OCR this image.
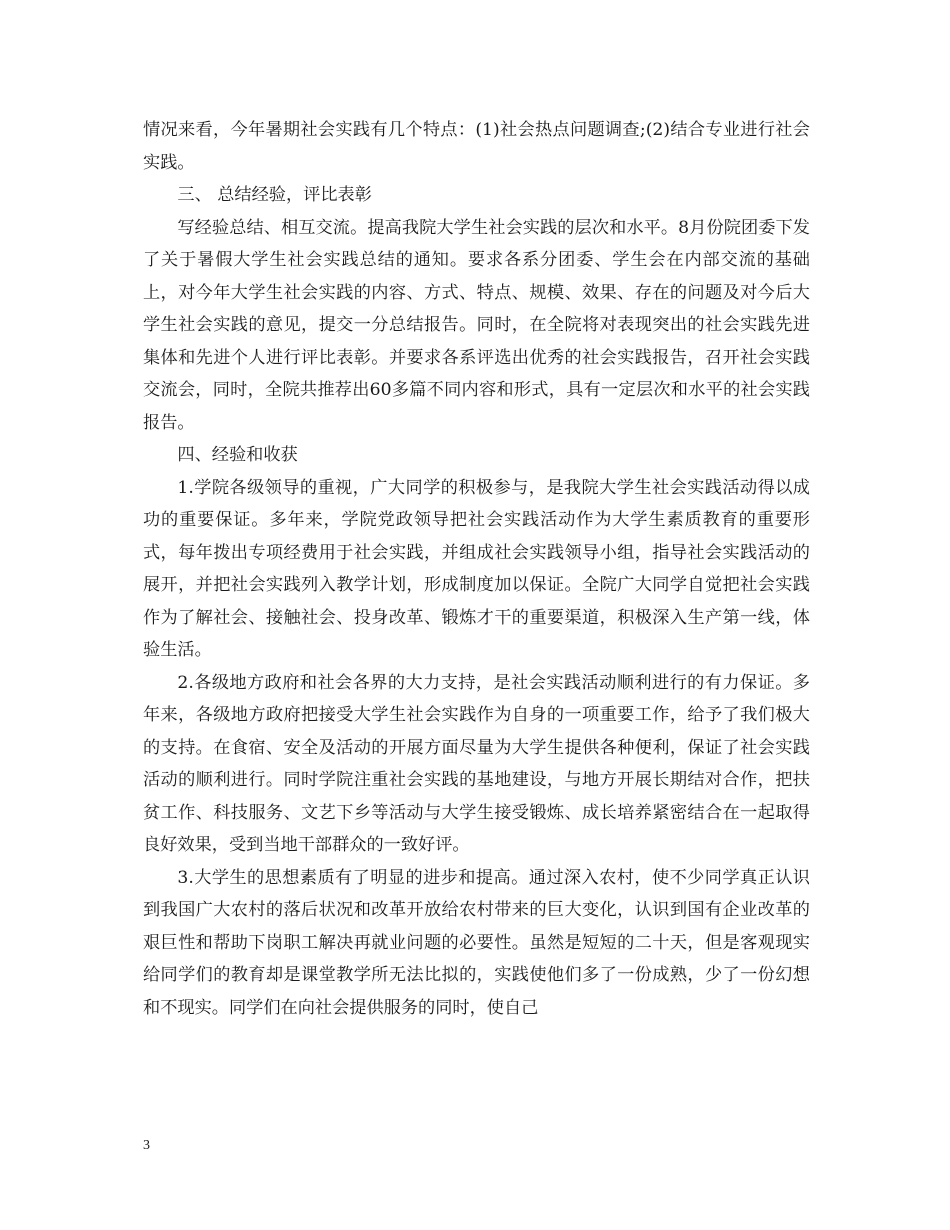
情况来看，今年暑期社会实践有几个特点：(1)社会热点问题调查;(2)结合专业进行社会实践。

三、 总结经验，评比表彰

写经验总结、相互交流。提高我院大学生社会实践的层次和水平。8月份院团委下发了关于暑假大学生社会实践总结的通知。要求各系分团委、学生会在内部交流的基础上，对今年大学生社会实践的内容、方式、特点、规模、效果、存在的问题及对今后大学生社会实践的意见，提交一分总结报告。同时，在全院将对表现突出的社会实践先进集体和先进个人进行评比表彰。并要求各系评选出优秀的社会实践报告，召开社会实践交流会，同时，全院共推荐出60多篇不同内容和形式，具有一定层次和水平的社会实践报告。

四、经验和收获

1.学院各级领导的重视，广大同学的积极参与，是我院大学生社会实践活动得以成功的重要保证。多年来，学院党政领导把社会实践活动作为大学生素质教育的重要形式，每年拨出专项经费用于社会实践，并组成社会实践领导小组，指导社会实践活动的展开，并把社会实践列入教学计划，形成制度加以保证。全院广大同学自觉把社会实践作为了解社会、接触社会、投身改革、锻炼才干的重要渠道，积极深入生产第一线，体验生活。

2.各级地方政府和社会各界的大力支持，是社会实践活动顺利进行的有力保证。多年来，各级地方政府把接受大学生社会实践作为自身的一项重要工作，给予了我们极大的支持。在食宿、安全及活动的开展方面尽量为大学生提供各种便利，保证了社会实践活动的顺利进行。同时学院注重社会实践的基地建设，与地方开展长期结对合作，把扶贫工作、科技服务、文艺下乡等活动与大学生接受锻炼、成长培养紧密结合在一起取得良好效果，受到当地干部群众的一致好评。

3.大学生的思想素质有了明显的进步和提高。通过深入农村，使不少同学真正认识到我国广大农村的落后状况和改革开放给农村带来的巨大变化，认识到国有企业改革的艰巨性和帮助下岗职工解决再就业问题的必要性。虽然是短短的二十天，但是客观现实给同学们的教育却是课堂教学所无法比拟的，实践使他们多了一份成熟，少了一份幻想和不现实。同学们在向社会提供服务的同时，使自己

3
